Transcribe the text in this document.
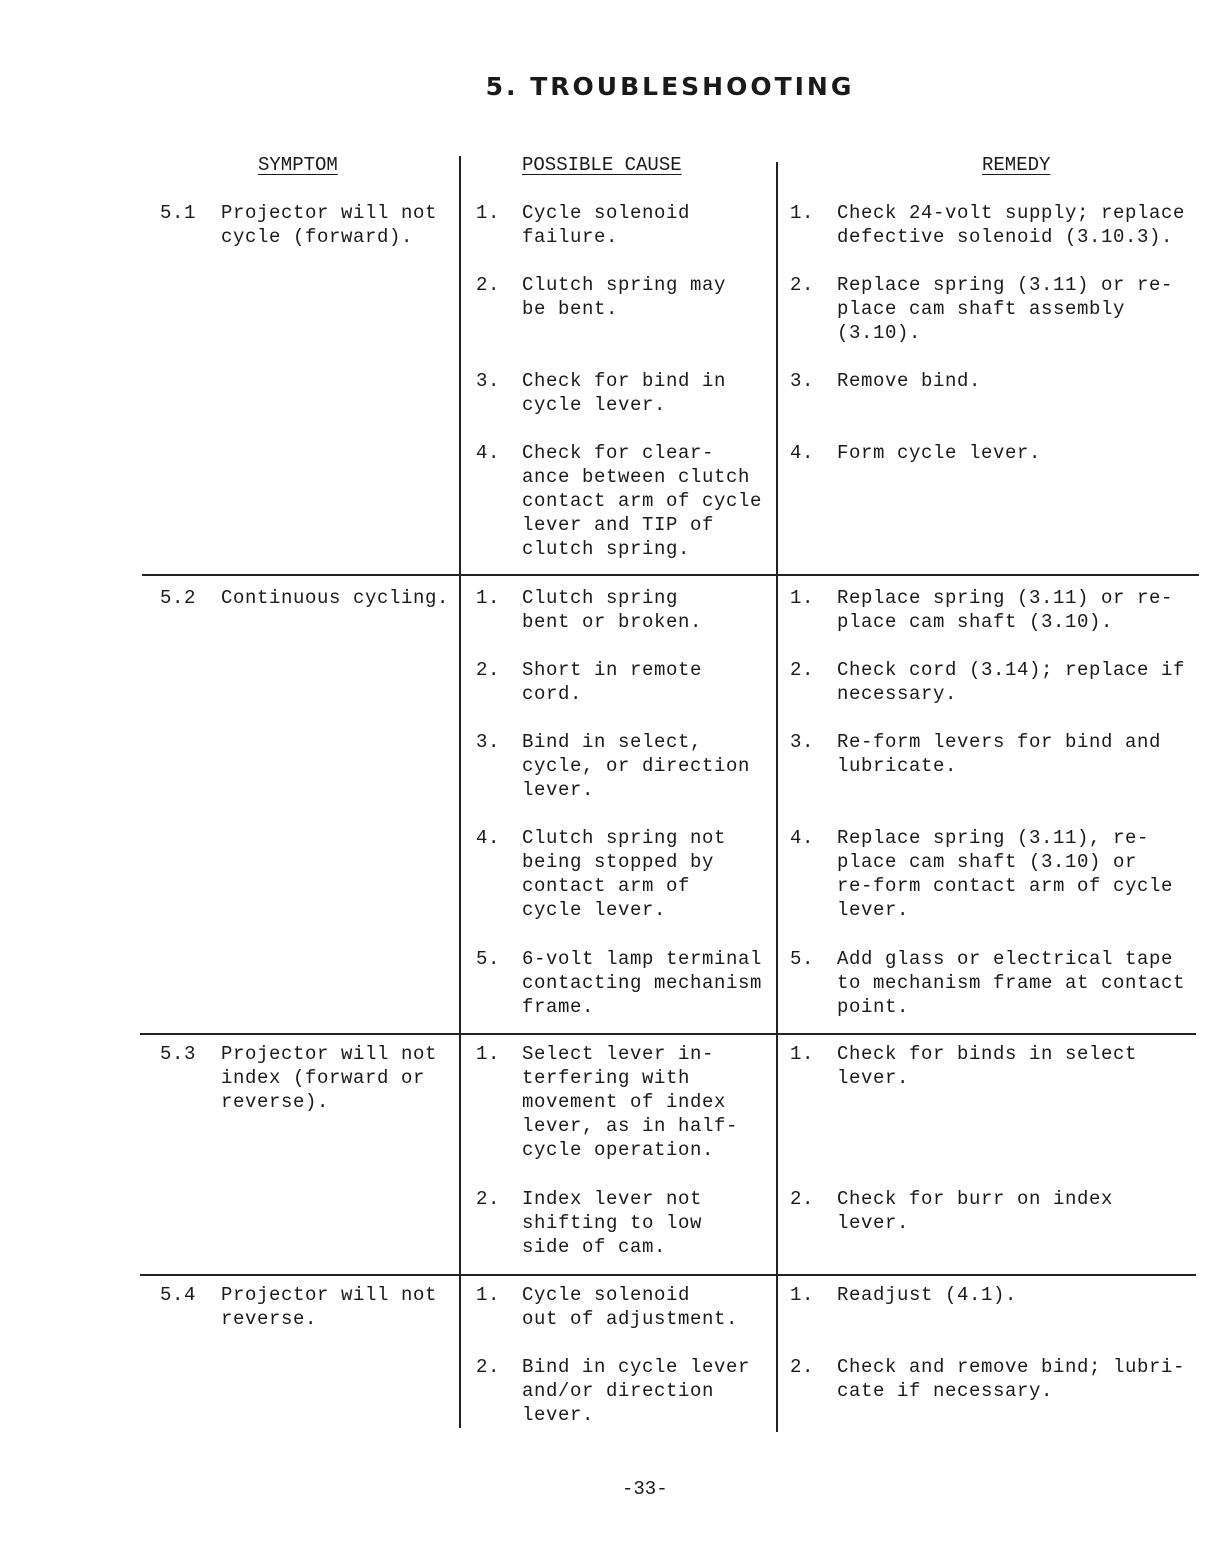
5. TROUBLESHOOTING
SYMPTOM	POSSIBLE CAUSE	REMEDY
5.1 Projector will not
cycle (forward).
1. Cycle solenoid
failure.
1. Check 24-volt supply; replace
defective solenoid (3.10.3).
2. Clutch spring may
be bent.
2. Replace spring (3.11) or re-
place cam shaft assembly
(3.10).
3. Check for bind in
cycle lever.
3. Remove bind.
4. Check for clear-
ance between clutch
contact arm of cycle
lever and TIP of
clutch spring.
4. Form cycle lever.
5.2 Continuous cycling. 1. Clutch spring
bent or broken.
1. Replace spring (3.11) or re-
place cam shaft (3.10).
2. Short in remote
cord.
2. Check cord (3.14); replace if
necessary.
3. Bind in select,
cycle, or direction
lever.
3. Re-form levers for bind and
lubricate.
4. Clutch spring not
being stopped by
contact arm of
cycle lever.
4. Replace spring (3.11), re-
place cam shaft (3.10) or
re-form contact arm of cycle
lever.
5. 6-volt lamp terminal
contacting mechanism
frame.
5. Add glass or electrical tape
to mechanism frame at contact
point.
5.3 Projector will not
index (forward or
reverse).
1. Select lever in-
terfering with
movement of index
lever, as in half-
cycle operation.
1. Check for binds in select
lever.
2. Index lever not
shifting to low
side of cam.
2. Check for burr on index
lever.
5.4 Projector will not
reverse.
1. Cycle solenoid
out of adjustment.
1. Readjust (4.1).
2. Bind in cycle lever
and/or direction
lever.
2. Check and remove bind; lubri-
cate if necessary.
-33-
